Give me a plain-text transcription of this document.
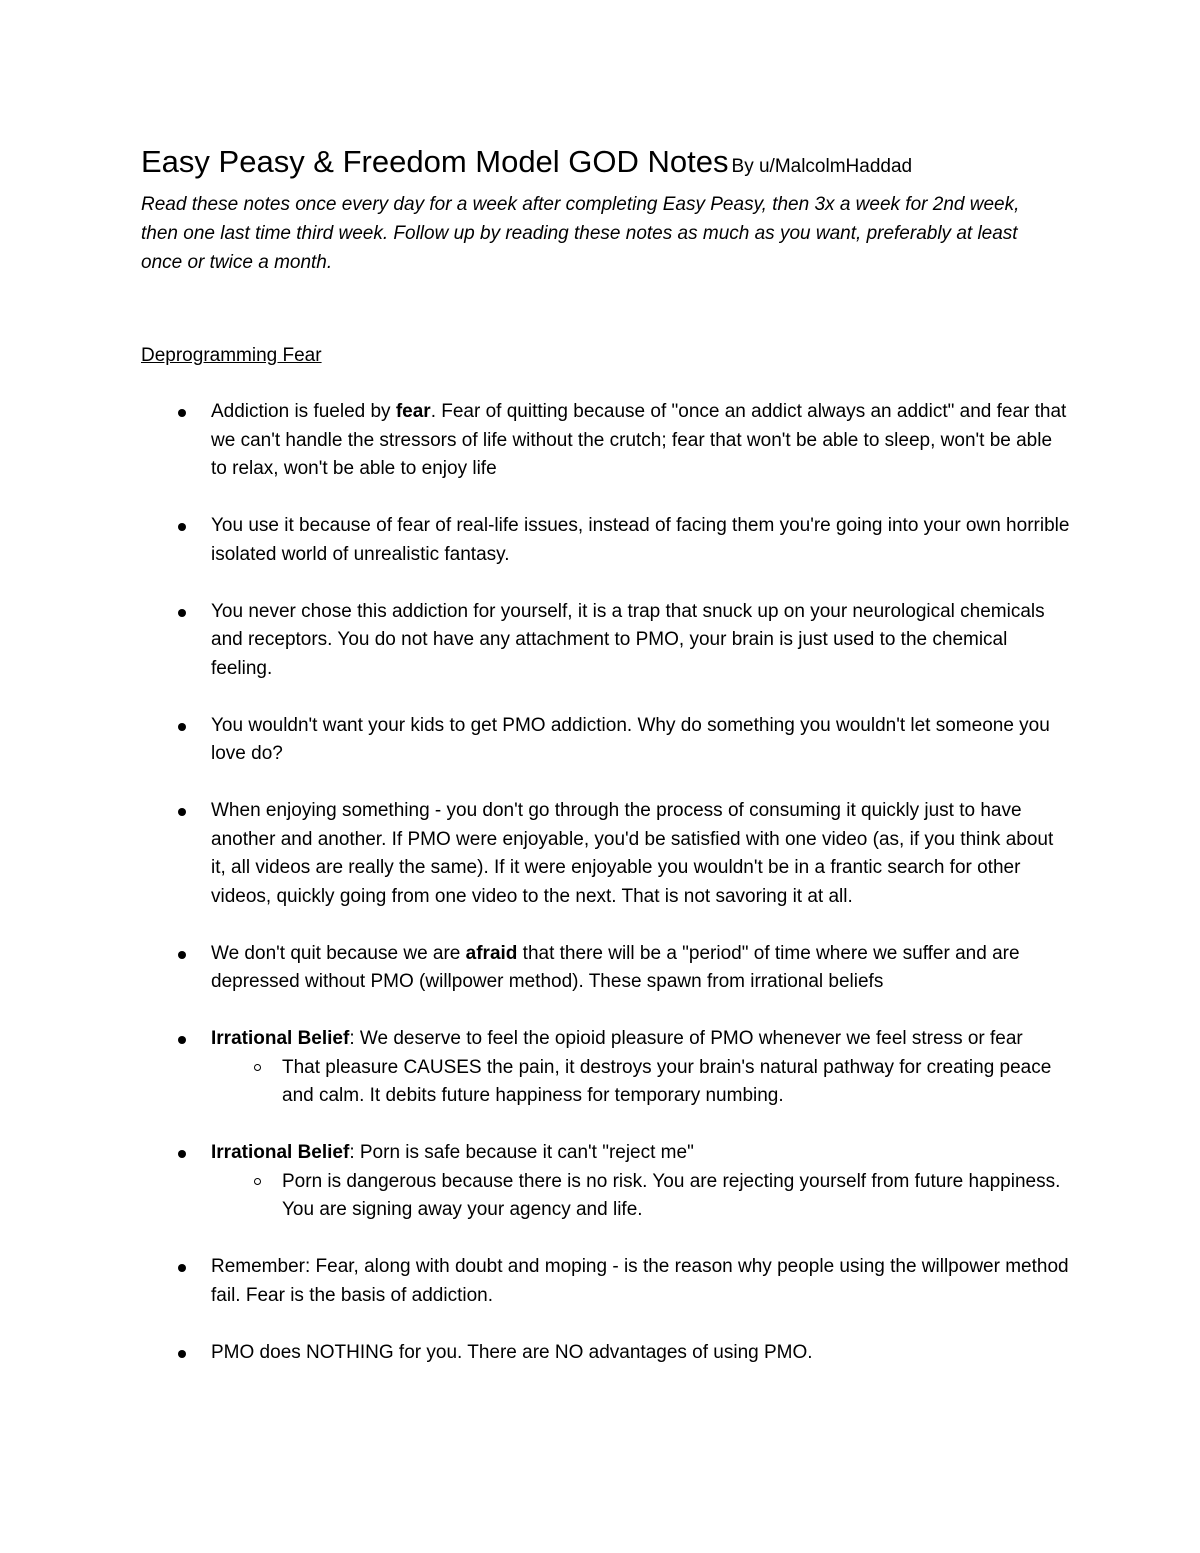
Easy Peasy & Freedom Model GOD Notes By u/MalcolmHaddad

Read these notes once every day for a week after completing Easy Peasy, then 3x a week for 2nd week, then one last time third week. Follow up by reading these notes as much as you want, preferably at least once or twice a month.

Deprogramming Fear
Addiction is fueled by fear. Fear of quitting because of "once an addict always an addict" and fear that we can't handle the stressors of life without the crutch; fear that won't be able to sleep, won't be able to relax, won't be able to enjoy life
You use it because of fear of real-life issues, instead of facing them you're going into your own horrible isolated world of unrealistic fantasy.
You never chose this addiction for yourself, it is a trap that snuck up on your neurological chemicals and receptors. You do not have any attachment to PMO, your brain is just used to the chemical feeling.
You wouldn't want your kids to get PMO addiction. Why do something you wouldn't let someone you love do?
When enjoying something - you don't go through the process of consuming it quickly just to have another and another. If PMO were enjoyable, you'd be satisfied with one video (as, if you think about it, all videos are really the same). If it were enjoyable you wouldn't be in a frantic search for other videos, quickly going from one video to the next. That is not savoring it at all.
We don't quit because we are afraid that there will be a "period" of time where we suffer and are depressed without PMO (willpower method). These spawn from irrational beliefs
Irrational Belief: We deserve to feel the opioid pleasure of PMO whenever we feel stress or fear
That pleasure CAUSES the pain, it destroys your brain's natural pathway for creating peace and calm. It debits future happiness for temporary numbing.
Irrational Belief: Porn is safe because it can't "reject me"
Porn is dangerous because there is no risk. You are rejecting yourself from future happiness. You are signing away your agency and life.
Remember: Fear, along with doubt and moping - is the reason why people using the willpower method fail. Fear is the basis of addiction.
PMO does NOTHING for you. There are NO advantages of using PMO.
